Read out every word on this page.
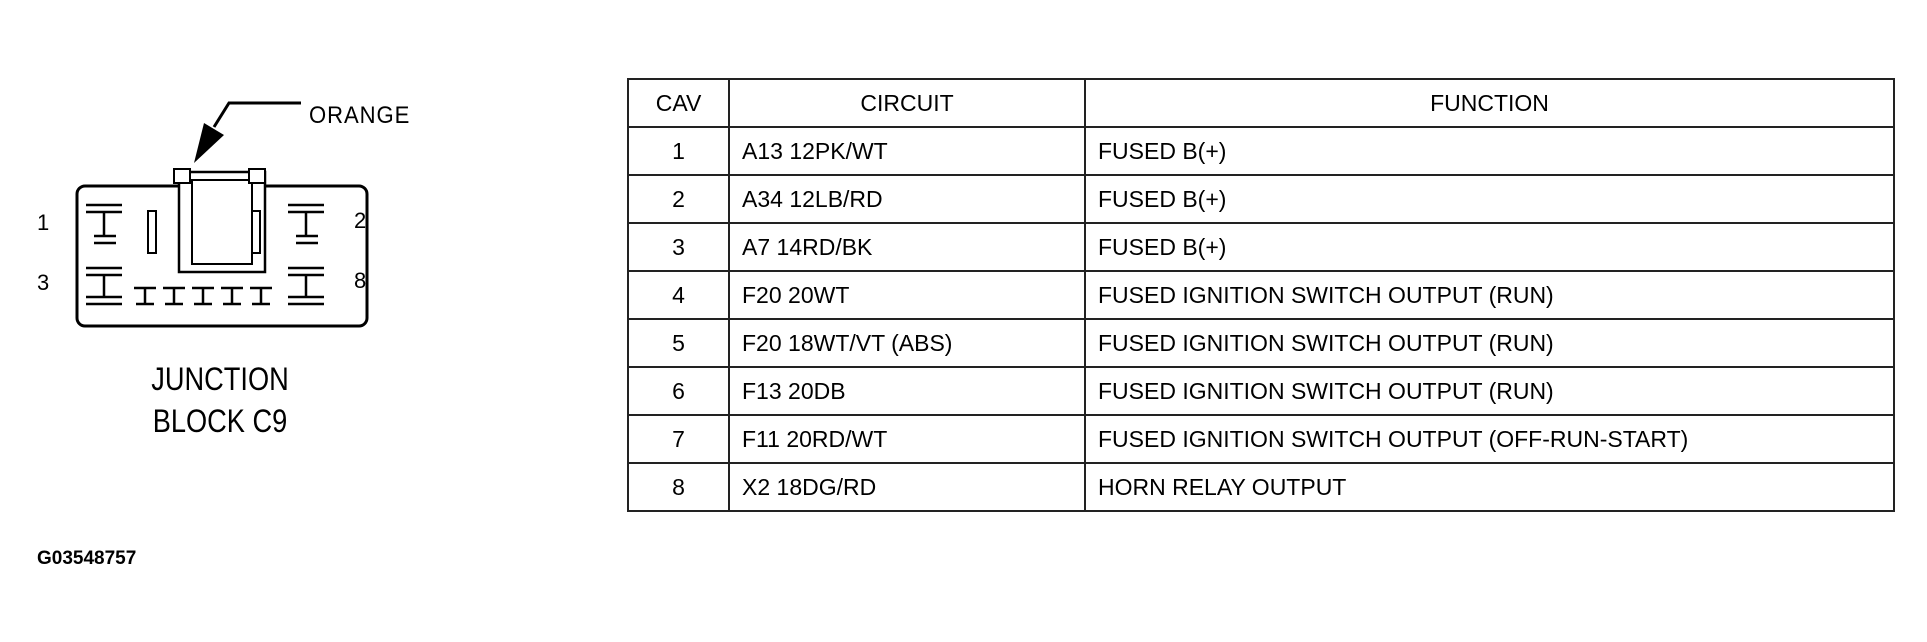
ORANGE
1	2
3	8
JUNCTION
BLOCK C9
G03548757
CAV	CIRCUIT	FUNCTION
1	A13 12PK/WT	FUSED B(+)
2	A34 12LB/RD	FUSED B(+)
3	A7 14RD/BK	FUSED B(+)
4	F20 20WT	FUSED IGNITION SWITCH OUTPUT (RUN)
5	F20 18WT/VT (ABS)	FUSED IGNITION SWITCH OUTPUT (RUN)
6	F13 20DB	FUSED IGNITION SWITCH OUTPUT (RUN)
7	F11 20RD/WT	FUSED IGNITION SWITCH OUTPUT (OFF-RUN-START)
8	X2 18DG/RD	HORN RELAY OUTPUT
